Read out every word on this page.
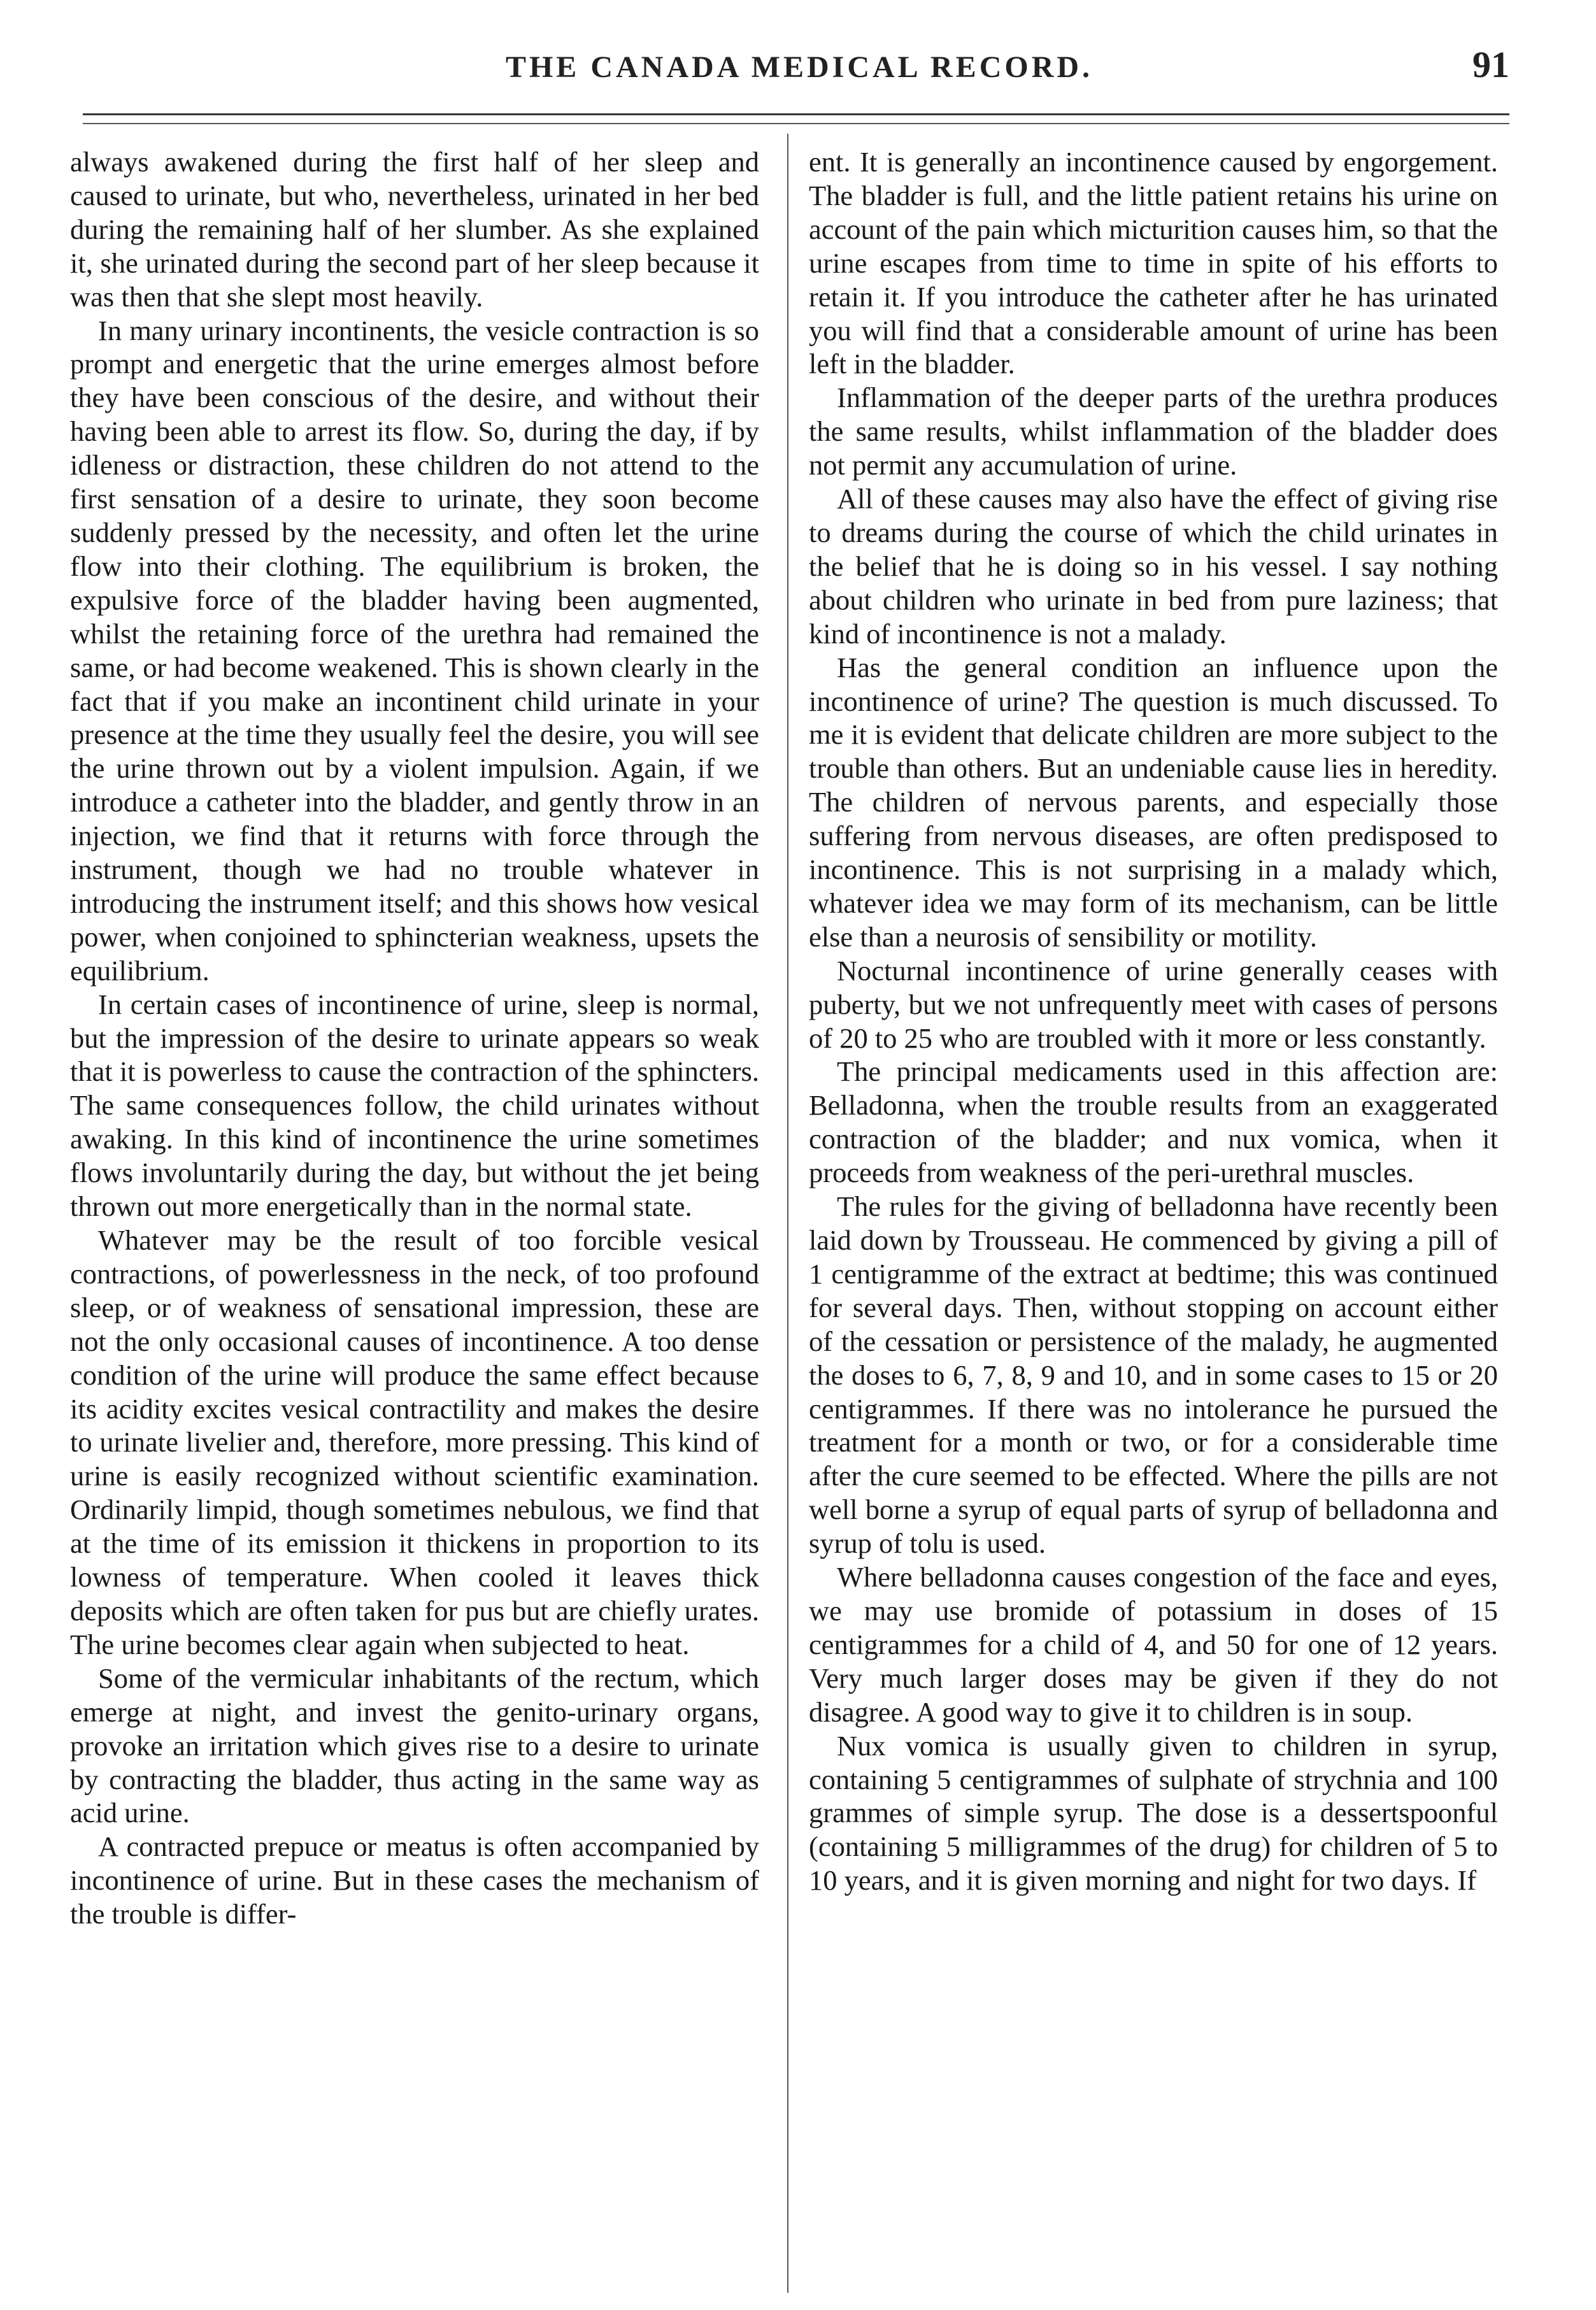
THE CANADA MEDICAL RECORD.	91

always awakened during the first half of her sleep and caused to urinate, but who, nevertheless, urinated in her bed during the remaining half of her slumber. As she explained it, she urinated during the second part of her sleep because it was then that she slept most heavily.

In many urinary incontinents, the vesicle contraction is so prompt and energetic that the urine emerges almost before they have been conscious of the desire, and without their having been able to arrest its flow. So, during the day, if by idleness or distraction, these children do not attend to the first sensation of a desire to urinate, they soon become suddenly pressed by the necessity, and often let the urine flow into their clothing. The equilibrium is broken, the expulsive force of the bladder having been augmented, whilst the retaining force of the urethra had remained the same, or had become weakened. This is shown clearly in the fact that if you make an incontinent child urinate in your presence at the time they usually feel the desire, you will see the urine thrown out by a violent impulsion. Again, if we introduce a catheter into the bladder, and gently throw in an injection, we find that it returns with force through the instrument, though we had no trouble whatever in introducing the instrument itself; and this shows how vesical power, when conjoined to sphincterian weakness, upsets the equilibrium.

In certain cases of incontinence of urine, sleep is normal, but the impression of the desire to urinate appears so weak that it is powerless to cause the contraction of the sphincters. The same consequences follow, the child urinates without awaking. In this kind of incontinence the urine sometimes flows involuntarily during the day, but without the jet being thrown out more energetically than in the normal state.

Whatever may be the result of too forcible vesical contractions, of powerlessness in the neck, of too profound sleep, or of weakness of sensational impression, these are not the only occasional causes of incontinence. A too dense condition of the urine will produce the same effect because its acidity excites vesical contractility and makes the desire to urinate livelier and, therefore, more pressing. This kind of urine is easily recognized without scientific examination. Ordinarily limpid, though sometimes nebulous, we find that at the time of its emission it thickens in proportion to its lowness of temperature. When cooled it leaves thick deposits which are often taken for pus but are chiefly urates. The urine becomes clear again when subjected to heat.

Some of the vermicular inhabitants of the rectum, which emerge at night, and invest the genito-urinary organs, provoke an irritation which gives rise to a desire to urinate by contracting the bladder, thus acting in the same way as acid urine.

A contracted prepuce or meatus is often accompanied by incontinence of urine. But in these cases the mechanism of the trouble is differ-

ent. It is generally an incontinence caused by engorgement. The bladder is full, and the little patient retains his urine on account of the pain which micturition causes him, so that the urine escapes from time to time in spite of his efforts to retain it. If you introduce the catheter after he has urinated you will find that a considerable amount of urine has been left in the bladder.

Inflammation of the deeper parts of the urethra produces the same results, whilst inflammation of the bladder does not permit any accumulation of urine.

All of these causes may also have the effect of giving rise to dreams during the course of which the child urinates in the belief that he is doing so in his vessel. I say nothing about children who urinate in bed from pure laziness; that kind of incontinence is not a malady.

Has the general condition an influence upon the incontinence of urine? The question is much discussed. To me it is evident that delicate children are more subject to the trouble than others. But an undeniable cause lies in heredity. The children of nervous parents, and especially those suffering from nervous diseases, are often predisposed to incontinence. This is not surprising in a malady which, whatever idea we may form of its mechanism, can be little else than a neurosis of sensibility or motility.

Nocturnal incontinence of urine generally ceases with puberty, but we not unfrequently meet with cases of persons of 20 to 25 who are troubled with it more or less constantly.

The principal medicaments used in this affection are: Belladonna, when the trouble results from an exaggerated contraction of the bladder; and nux vomica, when it proceeds from weakness of the peri-urethral muscles.

The rules for the giving of belladonna have recently been laid down by Trousseau. He commenced by giving a pill of 1 centigramme of the extract at bedtime; this was continued for several days. Then, without stopping on account either of the cessation or persistence of the malady, he augmented the doses to 6, 7, 8, 9 and 10, and in some cases to 15 or 20 centigrammes. If there was no intolerance he pursued the treatment for a month or two, or for a considerable time after the cure seemed to be effected. Where the pills are not well borne a syrup of equal parts of syrup of belladonna and syrup of tolu is used.

Where belladonna causes congestion of the face and eyes, we may use bromide of potassium in doses of 15 centigrammes for a child of 4, and 50 for one of 12 years. Very much larger doses may be given if they do not disagree. A good way to give it to children is in soup.

Nux vomica is usually given to children in syrup, containing 5 centigrammes of sulphate of strychnia and 100 grammes of simple syrup. The dose is a dessertspoonful (containing 5 milligrammes of the drug) for children of 5 to 10 years, and it is given morning and night for two days. If
